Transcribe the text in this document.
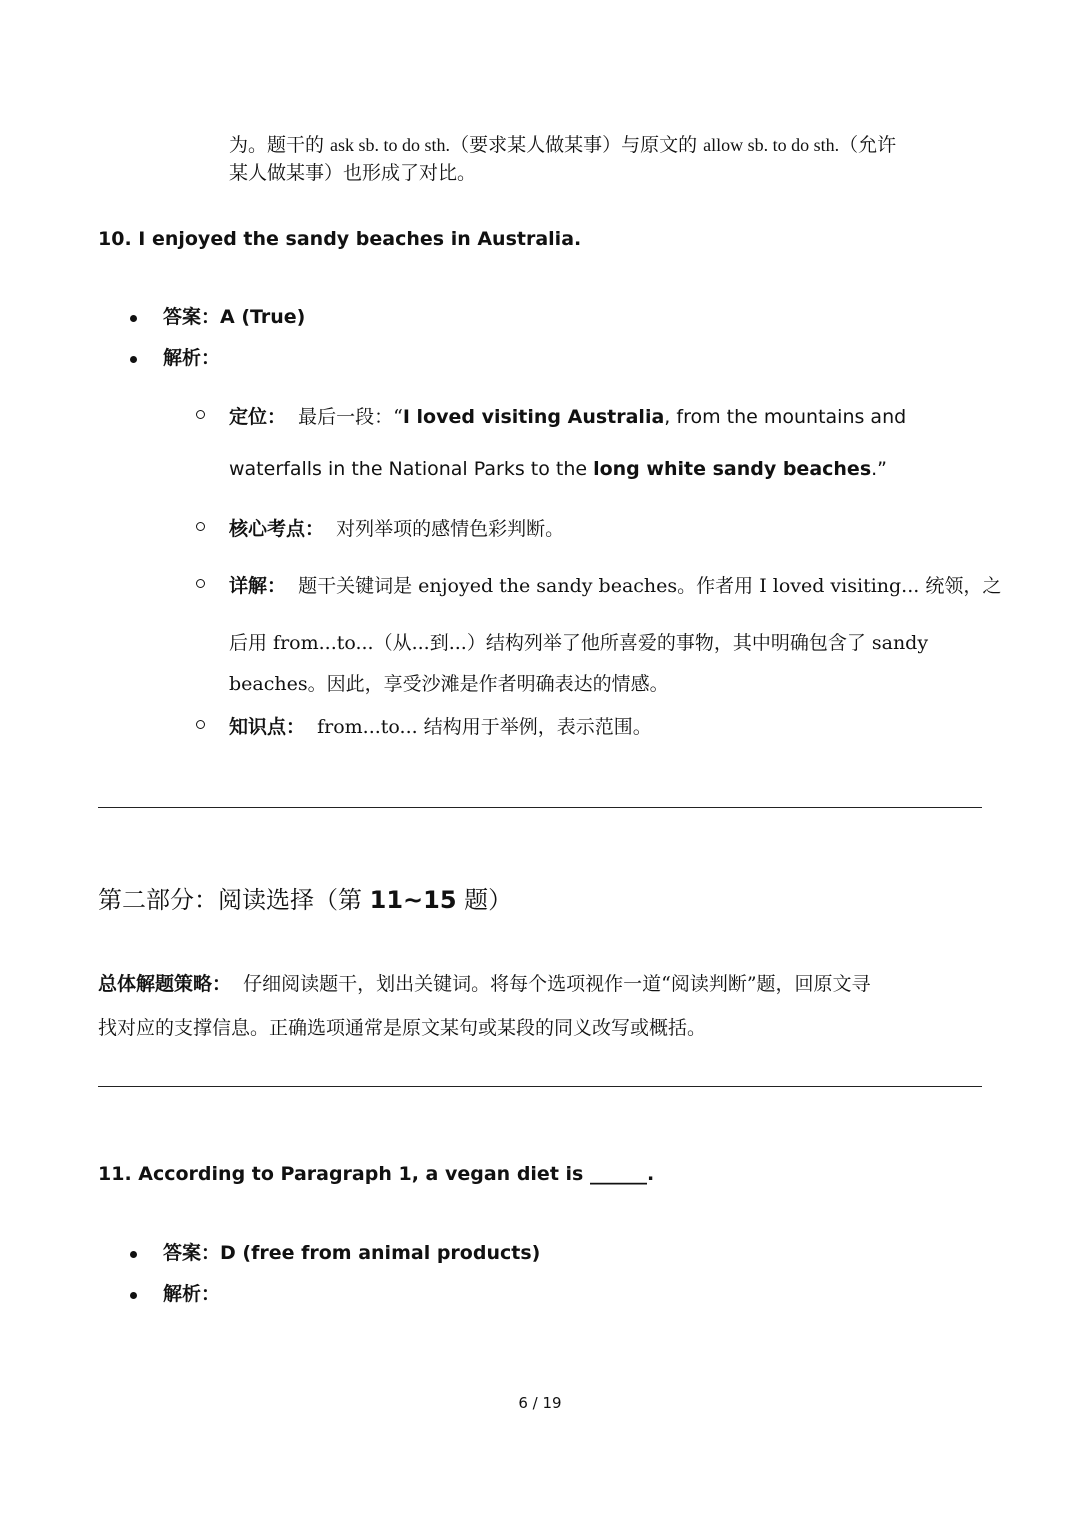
为。题干的 ask sb. to do sth.（要求某人做某事）与原文的 allow sb. to do sth.（允许
某人做某事）也形成了对比。
10. I enjoyed the sandy beaches in Australia.
答案：A (True)
解析：
定位： 最后一段：“I loved visiting Australia, from the mountains and
waterfalls in the National Parks to the long white sandy beaches.”
核心考点： 对列举项的感情色彩判断。
详解： 题干关键词是 enjoyed the sandy beaches。作者用 I loved visiting... 统领，之
后用 from...to...（从...到...）结构列举了他所喜爱的事物，其中明确包含了 sandy
beaches。因此，享受沙滩是作者明确表达的情感。
知识点： from...to... 结构用于举例，表示范围。
第二部分：阅读选择（第 11~15 题）
总体解题策略： 仔细阅读题干，划出关键词。将每个选项视作一道“阅读判断”题，回原文寻
找对应的支撑信息。正确选项通常是原文某句或某段的同义改写或概括。
11. According to Paragraph 1, a vegan diet is ______.
答案：D (free from animal products)
解析：
6 / 19
